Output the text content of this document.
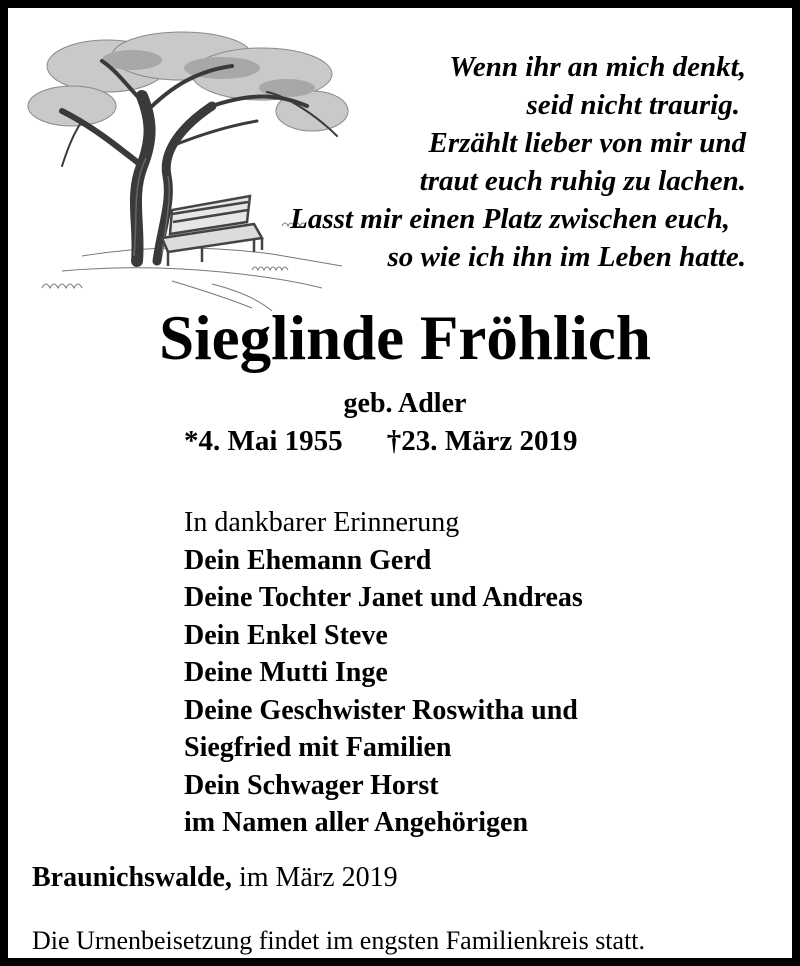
Wenn ihr an mich denkt,
seid nicht traurig.
Erzählt lieber von mir und
traut euch ruhig zu lachen.
Lasst mir einen Platz zwischen euch,
so wie ich ihn im Leben hatte.
Sieglinde Fröhlich
geb. Adler
*4. Mai 1955 †23. März 2019
In dankbarer Erinnerung
Dein Ehemann Gerd
Deine Tochter Janet und Andreas
Dein Enkel Steve
Deine Mutti Inge
Deine Geschwister Roswitha und
Siegfried mit Familien
Dein Schwager Horst
im Namen aller Angehörigen
Braunichswalde, im März 2019
Die Urnenbeisetzung findet im engsten Familienkreis statt.
